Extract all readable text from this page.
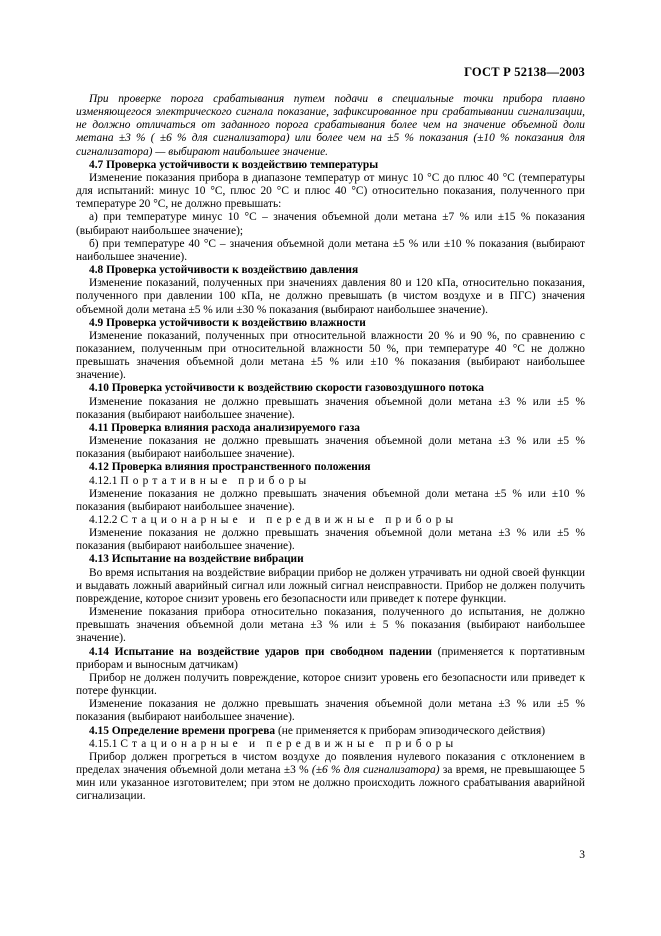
ГОСТ Р 52138—2003

При проверке порога срабатывания путем подачи в специальные точки прибора плавно изменяющегося электрического сигнала показание, зафиксированное при срабатывании сигнализации, не должно отличаться от заданного порога срабатывания более чем на значение объемной доли метана ±3 % ( ±6 % для сигнализатора) или более чем на ±5 % показания (±10 % показания для сигнализатора) — выбирают наибольшее значение.

4.7 Проверка устойчивости к воздействию температуры

Изменение показания прибора в диапазоне температур от минус 10 °С до плюс 40 °С (температуры для испытаний: минус 10 °С, плюс 20 °С и плюс 40 °С) относительно показания, полученного при температуре 20 °С, не должно превышать:

а) при температуре минус 10 °С – значения объемной доли метана ±7 % или ±15 % показания (выбирают наибольшее значение);

б) при температуре 40 °С – значения объемной доли метана ±5 % или ±10 % показания (выбирают наибольшее значение).

4.8 Проверка устойчивости к воздействию давления

Изменение показаний, полученных при значениях давления 80 и 120 кПа, относительно показания, полученного при давлении 100 кПа, не должно превышать (в чистом воздухе и в ПГС) значения объемной доли метана ±5 % или ±30 % показания (выбирают наибольшее значение).

4.9 Проверка устойчивости к воздействию влажности

Изменение показаний, полученных при относительной влажности 20 % и 90 %, по сравнению с показанием, полученным при относительной влажности 50 %, при температуре 40 °С не должно превышать значения объемной доли метана ±5 % или ±10 % показания (выбирают наибольшее значение).

4.10 Проверка устойчивости к воздействию скорости газовоздушного потока

Изменение показания не должно превышать значения объемной доли метана ±3 % или ±5 % показания (выбирают наибольшее значение).

4.11 Проверка влияния расхода анализируемого газа

Изменение показания не должно превышать значения объемной доли метана ±3 % или ±5 % показания (выбирают наибольшее значение).

4.12 Проверка влияния пространственного положения

4.12.1 Портативные приборы

Изменение показания не должно превышать значения объемной доли метана ±5 % или ±10 % показания (выбирают наибольшее значение).

4.12.2 Стационарные и передвижные приборы

Изменение показания не должно превышать значения объемной доли метана ±3 % или ±5 % показания (выбирают наибольшее значение).

4.13 Испытание на воздействие вибрации

Во время испытания на воздействие вибрации прибор не должен утрачивать ни одной своей функции и выдавать ложный аварийный сигнал или ложный сигнал неисправности. Прибор не должен получить повреждение, которое снизит уровень его безопасности или приведет к потере функции.

Изменение показания прибора относительно показания, полученного до испытания, не должно превышать значения объемной доли метана ±3 % или ± 5 % показания (выбирают наибольшее значение).

4.14 Испытание на воздействие ударов при свободном падении (применяется к портативным приборам и выносным датчикам)

Прибор не должен получить повреждение, которое снизит уровень его безопасности или приведет к потере функции.

Изменение показания не должно превышать значения объемной доли метана ±3 % или ±5 % показания (выбирают наибольшее значение).

4.15 Определение времени прогрева (не применяется к приборам эпизодического действия)

4.15.1 Стационарные и передвижные приборы

Прибор должен прогреться в чистом воздухе до появления нулевого показания с отклонением в пределах значения объемной доли метана ±3 % (±6 % для сигнализатора) за время, не превышающее 5 мин или указанное изготовителем; при этом не должно происходить ложного срабатывания аварийной сигнализации.

3
